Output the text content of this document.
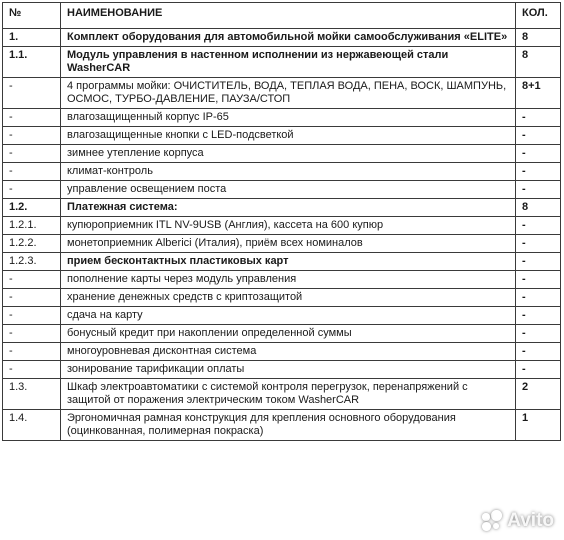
№	НАИМЕНОВАНИЕ	КОЛ.
1.	Комплект оборудования для автомобильной мойки самообслуживания «ELITE»	8
1.1.	Модуль управления в настенном исполнении из нержавеющей стали WasherCAR	8
-	4 программы мойки: ОЧИСТИТЕЛЬ, ВОДА, ТЕПЛАЯ ВОДА, ПЕНА, ВОСК, ШАМПУНЬ, ОСМОС, ТУРБО-ДАВЛЕНИЕ, ПАУЗА/СТОП	8+1
-	влагозащищенный корпус IP-65	-
-	влагозащищенные кнопки с LED-подсветкой	-
-	зимнее утепление корпуса	-
-	климат-контроль	-
-	управление освещением поста	-
1.2.	Платежная система:	8
1.2.1.	купюроприемник ITL NV-9USB (Англия), кассета на 600 купюр	-
1.2.2.	монетоприемник Alberici (Италия), приём всех номиналов	-
1.2.3.	прием бесконтактных пластиковых карт	-
-	пополнение карты через модуль управления	-
-	хранение денежных средств с криптозащитой	-
-	сдача на карту	-
-	бонусный кредит при накоплении определенной суммы	-
-	многоуровневая дисконтная система	-
-	зонирование тарификации оплаты	-
1.3.	Шкаф электроавтоматики с системой контроля перегрузок, перенапряжений с защитой от поражения электрическим током WasherCAR	2
1.4.	Эргономичная рамная конструкция для крепления основного оборудования (оцинкованная, полимерная покраска)	1
Avito
